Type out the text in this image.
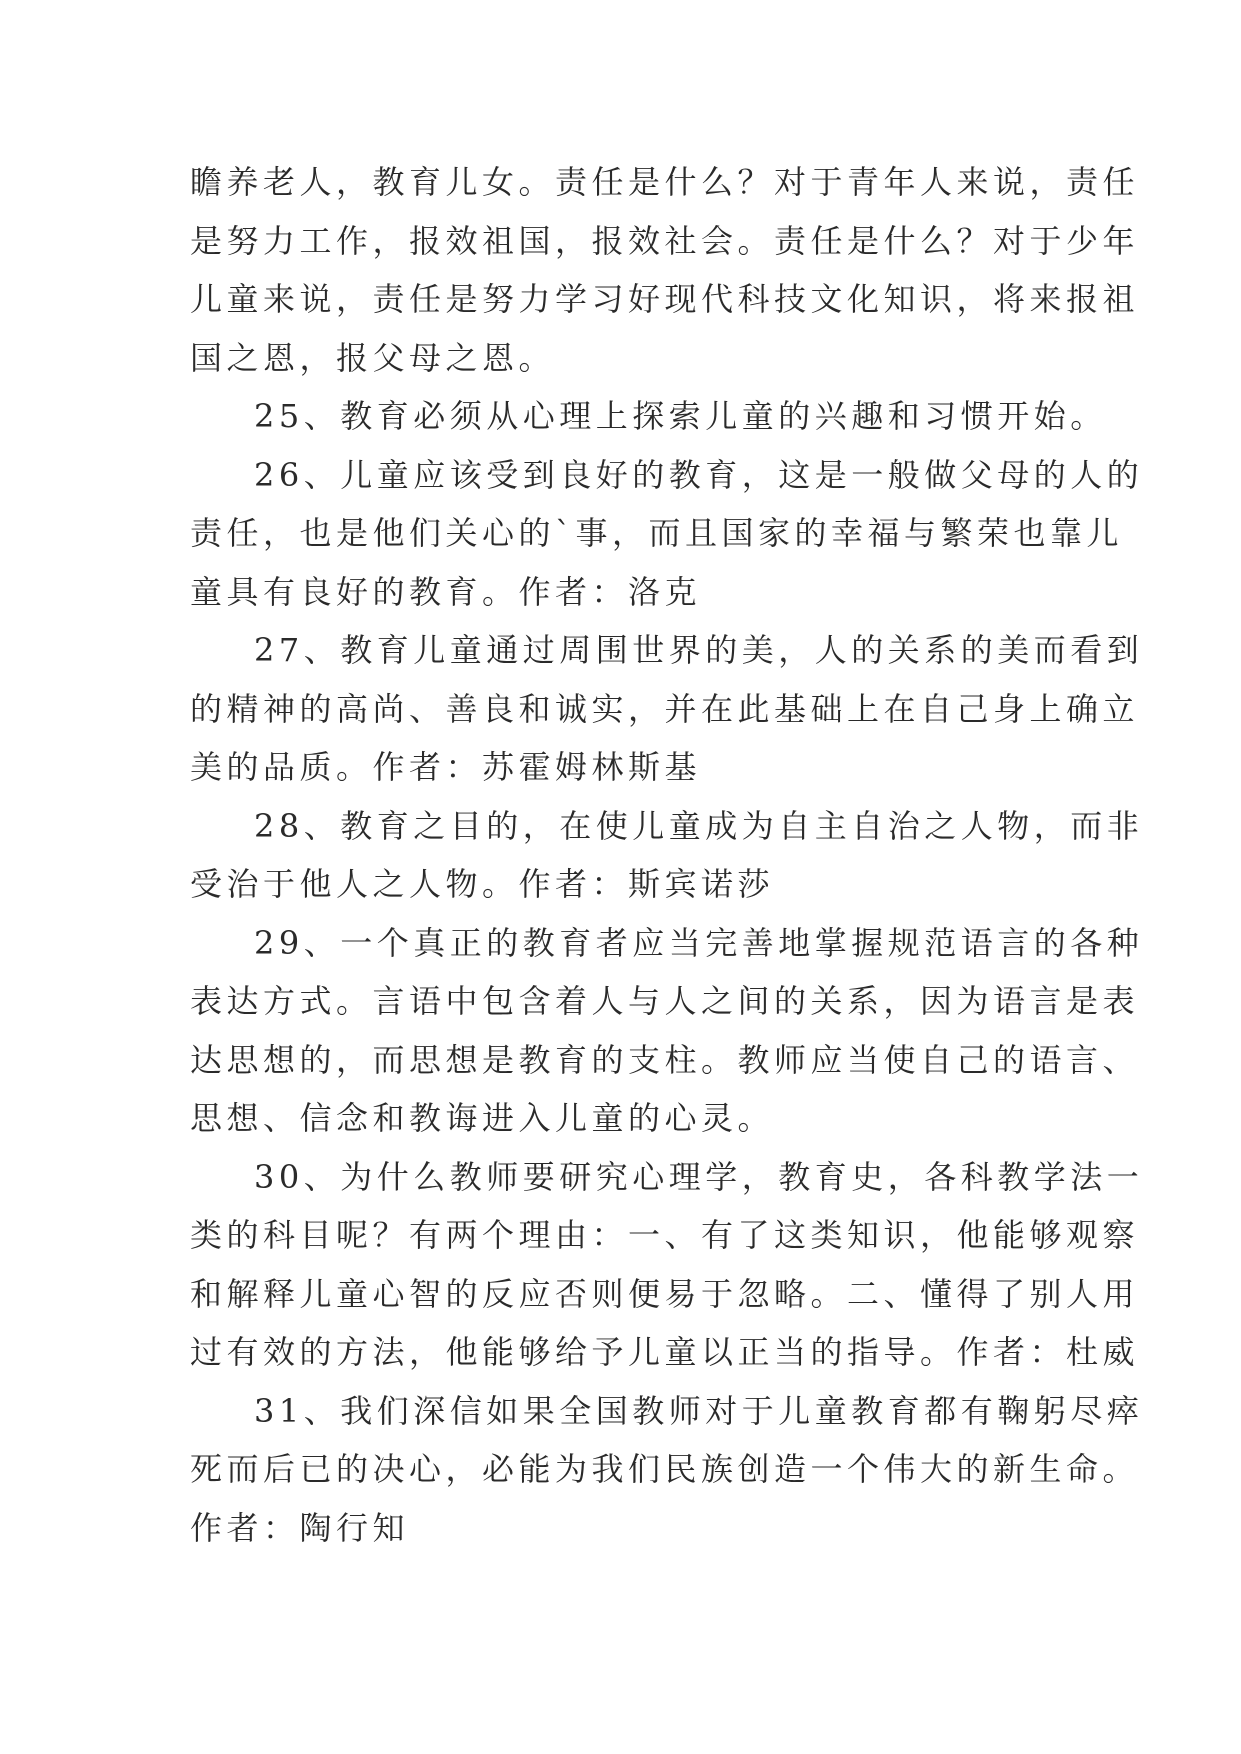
瞻养老人，教育儿女。责任是什么？对于青年人来说，责任
是努力工作，报效祖国，报效社会。责任是什么？对于少年
儿童来说，责任是努力学习好现代科技文化知识，将来报祖
国之恩，报父母之恩。
25、教育必须从心理上探索儿童的兴趣和习惯开始。
26、儿童应该受到良好的教育，这是一般做父母的人的
责任，也是他们关心的`事，而且国家的幸福与繁荣也靠儿
童具有良好的教育。作者：洛克
27、教育儿童通过周围世界的美，人的关系的美而看到
的精神的高尚、善良和诚实，并在此基础上在自己身上确立
美的品质。作者：苏霍姆林斯基
28、教育之目的，在使儿童成为自主自治之人物，而非
受治于他人之人物。作者：斯宾诺莎
29、一个真正的教育者应当完善地掌握规范语言的各种
表达方式。言语中包含着人与人之间的关系，因为语言是表
达思想的，而思想是教育的支柱。教师应当使自己的语言、
思想、信念和教诲进入儿童的心灵。
30、为什么教师要研究心理学，教育史，各科教学法一
类的科目呢？有两个理由：一、有了这类知识，他能够观察
和解释儿童心智的反应否则便易于忽略。二、懂得了别人用
过有效的方法，他能够给予儿童以正当的指导。作者：杜威
31、我们深信如果全国教师对于儿童教育都有鞠躬尽瘁
死而后已的决心，必能为我们民族创造一个伟大的新生命。
作者：陶行知
